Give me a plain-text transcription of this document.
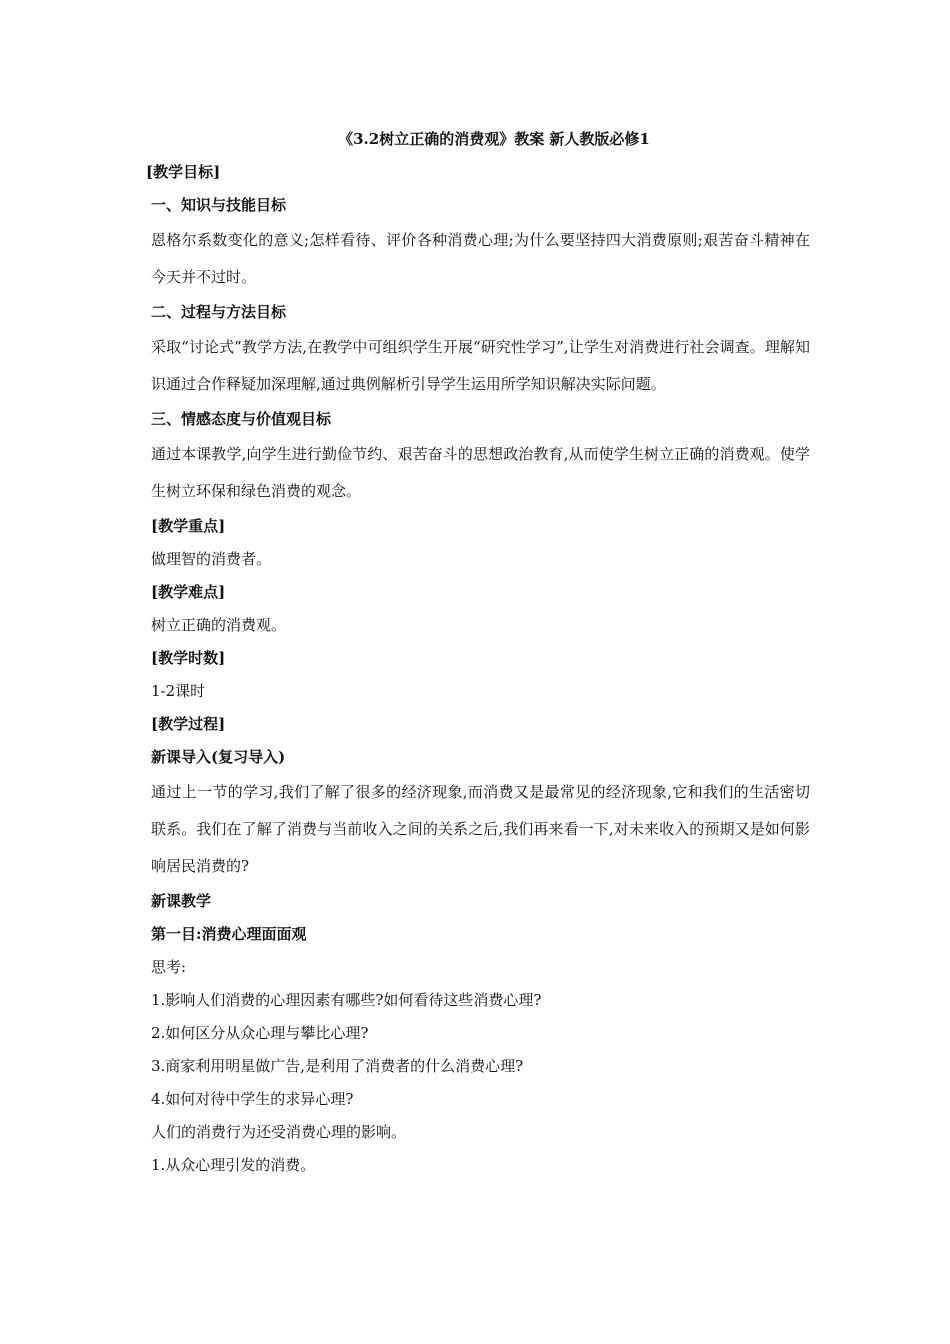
《3.2树立正确的消费观》教案 新人教版必修1

[教学目标]

一、知识与技能目标

恩格尔系数变化的意义;怎样看待、评价各种消费心理;为什么要坚持四大消费原则;艰苦奋斗精神在今天并不过时。

二、过程与方法目标

采取“讨论式”教学方法,在教学中可组织学生开展“研究性学习”,让学生对消费进行社会调查。理解知识通过合作释疑加深理解,通过典例解析引导学生运用所学知识解决实际问题。

三、情感态度与价值观目标

通过本课教学,向学生进行勤俭节约、艰苦奋斗的思想政治教育,从而使学生树立正确的消费观。使学生树立环保和绿色消费的观念。

[教学重点]

做理智的消费者。

[教学难点]

树立正确的消费观。

[教学时数]

1-2课时

[教学过程]

新课导入(复习导入)

通过上一节的学习,我们了解了很多的经济现象,而消费又是最常见的经济现象,它和我们的生活密切联系。我们在了解了消费与当前收入之间的关系之后,我们再来看一下,对未来收入的预期又是如何影响居民消费的?

新课教学

第一目:消费心理面面观

思考:

1.影响人们消费的心理因素有哪些?如何看待这些消费心理?

2.如何区分从众心理与攀比心理?

3.商家利用明星做广告,是利用了消费者的什么消费心理?

4.如何对待中学生的求异心理?

人们的消费行为还受消费心理的影响。

1.从众心理引发的消费。
